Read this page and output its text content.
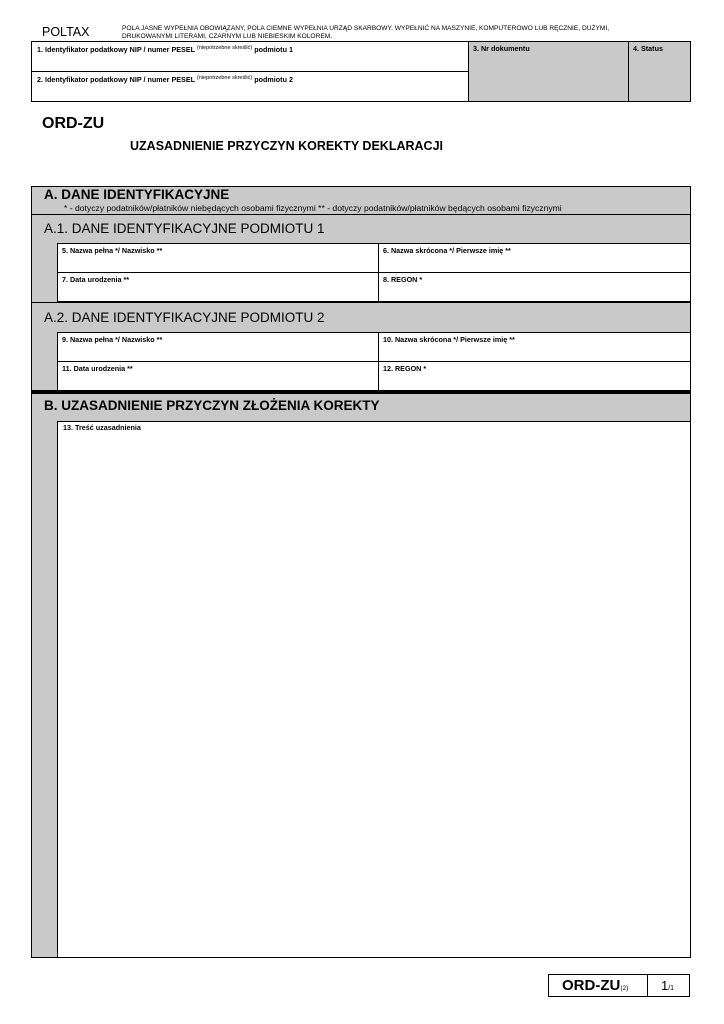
POLTAX	POLA JASNE WYPEŁNIA OBOWIĄZANY, POLA CIEMNE WYPEŁNIA URZĄD SKARBOWY. WYPEŁNIĆ NA MASZYNIE, KOMPUTEROWO LUB RĘCZNIE, DUŻYMI,
DRUKOWANYMI LITERAMI, CZARNYM LUB NIEBIESKIM KOLOREM.
1. Identyfikator podatkowy NIP / numer PESEL $^{(niepotrzebne skreślić)}$ podmiotu 1
2. Identyfikator podatkowy NIP / numer PESEL $^{(niepotrzebne skreślić)}$ podmiotu 2
3. Nr dokumentu	4. Status
ORD-ZU
UZASADNIENIE PRZYCZYN KOREKTY DEKLARACJI
A. DANE IDENTYFIKACYJNE
* - dotyczy podatników/płatników niebędących osobami fizycznymi ** - dotyczy podatników/płatników będących osobami fizycznymi
A.1. DANE IDENTYFIKACYJNE PODMIOTU 1
5. Nazwa pełna */ Nazwisko **	6. Nazwa skrócona */ Pierwsze imię **
7. Data urodzenia **	8. REGON *
A.2. DANE IDENTYFIKACYJNE PODMIOTU 2
9. Nazwa pełna */ Nazwisko **	10. Nazwa skrócona */ Pierwsze imię **
11. Data urodzenia **	12. REGON *
B. UZASADNIENIE PRZYCZYN ZŁOŻENIA KOREKTY
13. Treść uzasadnienia
ORD-ZU(2)	1/1
